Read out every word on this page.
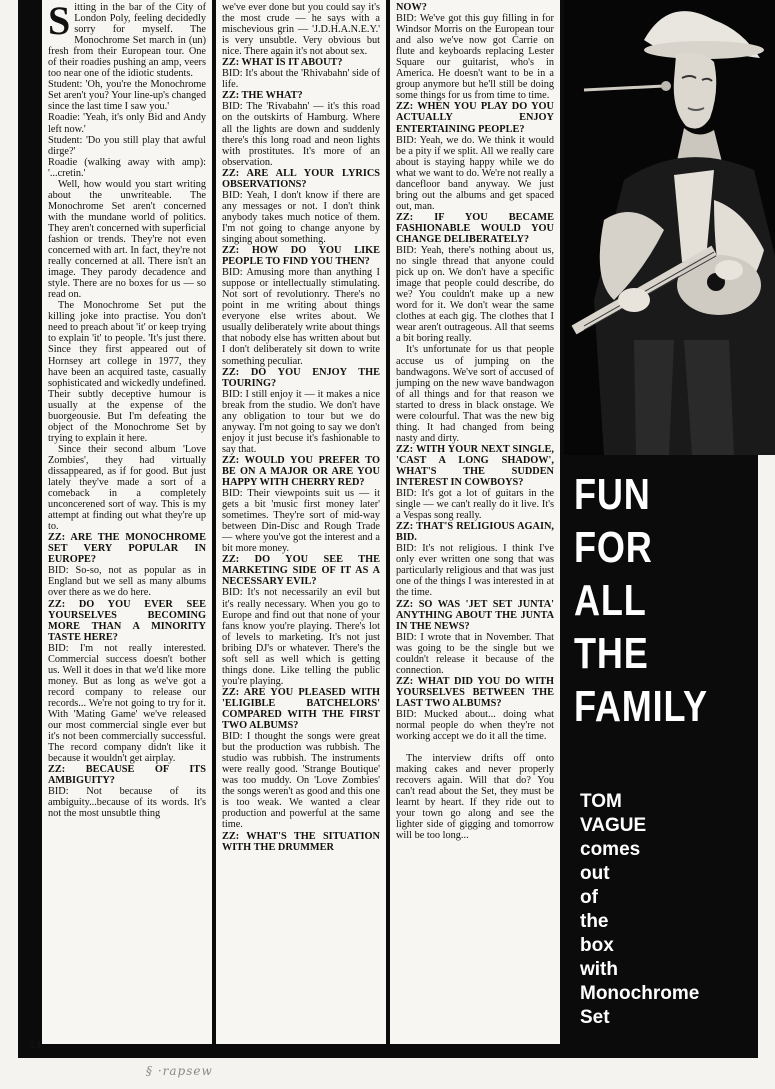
Sitting in the bar of the City of London Poly, feeling decidedly sorry for myself. The Monochrome Set march in (un) fresh from their European tour. One of their roadies pushing an amp, veers too near one of the idiotic students.

Student: 'Oh, you're the Monochrome Set aren't you? Your line-up's changed since the last time I saw you.'

Roadie: 'Yeah, it's only Bid and Andy left now.'

Student: 'Do you still play that awful dirge?'

Roadie (walking away with amp): '...cretin.'

Well, how would you start writing about the unwriteable. The Monochrome Set aren't concerned with the mundane world of politics. They aren't concerned with superficial fashion or trends. They're not even concerned with art. In fact, they're not really concerned at all. There isn't an image. They parody decadence and style. There are no boxes for us — so read on.

The Monochrome Set put the killing joke into practise. You don't need to preach about 'it' or keep trying to explain 'it' to people. 'It's just there. Since they first appeared out of Hornsey art college in 1977, they have been an acquired taste, casually sophisticated and wickedly undefined. Their subtly deceptive humour is usually at the expense of the buorgeousie. But I'm defeating the object of the Monochrome Set by trying to explain it here.

Since their second album 'Love Zombies', they had virtually dissappeared, as if for good. But just lately they've made a sort of a comeback in a completely unconcerened sort of way. This is my attempt at finding out what they're up to.

ZZ: ARE THE MONOCHROME SET VERY POPULAR IN EUROPE?

BID: So-so, not as popular as in England but we sell as many albums over there as we do here.

ZZ: DO YOU EVER SEE YOURSELVES BECOMING MORE THAN A MINORITY TASTE HERE?

BID: I'm not really interested. Commercial success doesn't bother us. Well it does in that we'd like more money. But as long as we've got a record company to release our records... We're not going to try for it. With 'Mating Game' we've released our most commercial single ever but it's not been commercially successful. The record company didn't like it because it wouldn't get airplay.

ZZ: BECAUSE OF ITS AMBIGUITY?

BID: Not because of its ambiguity...because of its words. It's not the most unsubtle thing

we've ever done but you could say it's the most crude — he says with a mischevious grin — 'J.D.H.A.N.E.Y.' is very unsubtle. Very obvious but nice. There again it's not about sex.

ZZ: WHAT IS IT ABOUT?

BID: It's about the 'Rhivabahn' side of life.

ZZ: THE WHAT?

BID: The 'Rivabahn' — it's this road on the outskirts of Hamburg. Where all the lights are down and suddenly there's this long road and neon lights with prostitutes. It's more of an observation.

ZZ: ARE ALL YOUR LYRICS OBSERVATIONS?

BID: Yeah, I don't know if there are any messages or not. I don't think anybody takes much notice of them. I'm not going to change anyone by singing about something.

ZZ: HOW DO YOU LIKE PEOPLE TO FIND YOU THEN?

BID: Amusing more than anything I suppose or intellectually stimulating. Not sort of revolutionry. There's no point in me writing about things everyone else writes about. We usually deliberately write about things that nobody else has written about but I don't deliberately sit down to write something peculiar.

ZZ: DO YOU ENJOY THE TOURING?

BID: I still enjoy it — it makes a nice break from the studio. We don't have any obligation to tour but we do anyway. I'm not going to say we don't enjoy it just becuse it's fashionable to say that.

ZZ: WOULD YOU PREFER TO BE ON A MAJOR OR ARE YOU HAPPY WITH CHERRY RED?

BID: Their viewpoints suit us — it gets a bit 'music first money later' sometimes. They're sort of mid-way between Din-Disc and Rough Trade — where you've got the interest and a bit more money.

ZZ: DO YOU SEE THE MARKETING SIDE OF IT AS A NECESSARY EVIL?

BID: It's not necessarily an evil but it's really necessary. When you go to Europe and find out that none of your fans know you're playing. There's lot of levels to marketing. It's not just bribing DJ's or whatever. There's the soft sell as well which is getting things done. Like telling the public you're playing.

ZZ: ARE YOU PLEASED WITH 'ELIGIBLE BATCHELORS' COMPARED WITH THE FIRST TWO ALBUMS?

BID: I thought the songs were great but the production was rubbish. The studio was rubbish. The instruments were really good. 'Strange Boutique' was too muddy. On 'Love Zombies' the songs weren't as good and this one is too weak. We wanted a clear production and powerful at the same time.

ZZ: WHAT'S THE SITUATION WITH THE DRUMMER

NOW?

BID: We've got this guy filling in for Windsor Morris on the European tour and also we've now got Carrie on flute and keyboards replacing Lester Square our guitarist, who's in America. He doesn't want to be in a group anymore but he'll still be doing some things for us from time to time.

ZZ: WHEN YOU PLAY DO YOU ACTUALLY ENJOY ENTERTAINING PEOPLE?

BID: Yeah, we do. We think it would be a pity if we split. All we really care about is staying happy while we do what we want to do. We're not really a dancefloor band anyway. We just bring out the albums and get spaced out, man.

ZZ: IF YOU BECAME FASHIONABLE WOULD YOU CHANGE DELIBERATELY?

BID: Yeah, there's nothing about us, no single thread that anyone could pick up on. We don't have a specific image that people could describe, do we? You couldn't make up a new word for it. We don't wear the same clothes at each gig. The clothes that I wear aren't outrageous. All that seems a bit boring really.

It's unfortunate for us that people accuse us of jumping on the bandwagons. We've sort of accused of jumping on the new wave bandwagon of all things and for that reason we started to dress in black onstage. We were colourful. That was the new big thing. It had changed from being nasty and dirty.

ZZ: WITH YOUR NEXT SINGLE, 'CAST A LONG SHADOW', WHAT'S THE SUDDEN INTEREST IN COWBOYS?

BID: It's got a lot of guitars in the single — we can't really do it live. It's a Vespas song really.

ZZ: THAT'S RELIGIOUS AGAIN, BID.

BID: It's not religious. I think I've only ever written one song that was particularly religious and that was just one of the things I was interested in at the time.

ZZ: SO WAS 'JET SET JUNTA' ANYTHING ABOUT THE JUNTA IN THE NEWS?

BID: I wrote that in November. That was going to be the single but we couldn't release it because of the connection.

ZZ: WHAT DID YOU DO WITH YOURSELVES BETWEEN THE LAST TWO ALBUMS?

BID: Mucked about... doing what normal people do when they're not working accept we do it all the time.

The interview drifts off onto making cakes and never properly recovers again. Will that do? You can't read about the Set, they must be learnt by heart. If they ride out to your town go along and see the lighter side of gigging and tomorrow will be too long...

FUN
FOR
ALL
THE
FAMILY
TOM
VAGUE
comes
out
of
the
box
with
Monochrome
Set
14
§ ·rapsew
